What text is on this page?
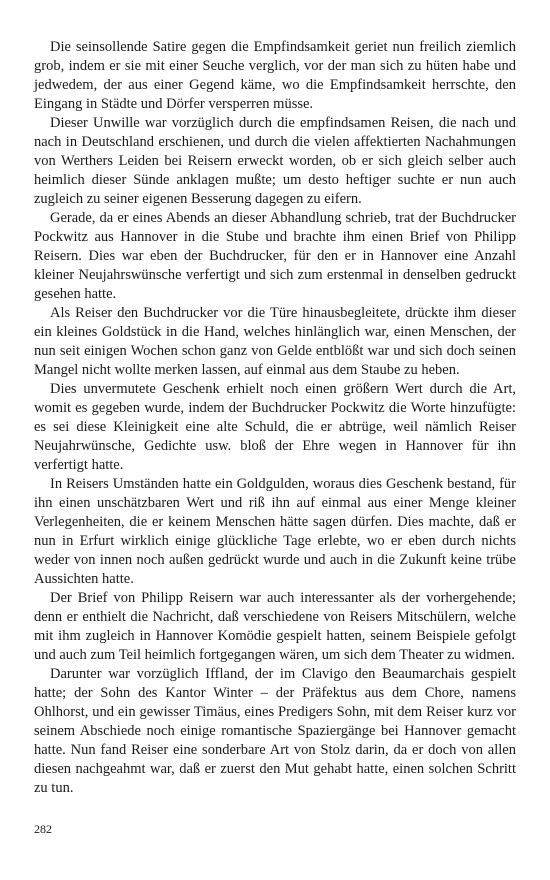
Die seinsollende Satire gegen die Empfindsamkeit geriet nun freilich ziemlich grob, indem er sie mit einer Seuche verglich, vor der man sich zu hüten habe und jedwedem, der aus einer Gegend käme, wo die Empfindsamkeit herrschte, den Eingang in Städte und Dörfer versperren müsse.

Dieser Unwille war vorzüglich durch die empfindsamen Reisen, die nach und nach in Deutschland erschienen, und durch die vielen affektierten Nachahmungen von Werthers Leiden bei Reisern erweckt worden, ob er sich gleich selber auch heimlich dieser Sünde anklagen mußte; um desto heftiger suchte er nun auch zugleich zu seiner eigenen Besserung dagegen zu eifern.

Gerade, da er eines Abends an dieser Abhandlung schrieb, trat der Buchdrucker Pockwitz aus Hannover in die Stube und brachte ihm einen Brief von Philipp Reisern. Dies war eben der Buchdrucker, für den er in Hannover eine Anzahl kleiner Neujahrswünsche verfertigt und sich zum erstenmal in denselben gedruckt gesehen hatte.

Als Reiser den Buchdrucker vor die Türe hinausbegleitete, drückte ihm dieser ein kleines Goldstück in die Hand, welches hinlänglich war, einen Menschen, der nun seit einigen Wochen schon ganz von Gelde entblößt war und sich doch seinen Mangel nicht wollte merken lassen, auf einmal aus dem Staube zu heben.

Dies unvermutete Geschenk erhielt noch einen größern Wert durch die Art, womit es gegeben wurde, indem der Buchdrucker Pockwitz die Worte hinzufügte: es sei diese Kleinigkeit eine alte Schuld, die er abtrüge, weil nämlich Reiser Neujahrwünsche, Gedichte usw. bloß der Ehre wegen in Hannover für ihn verfertigt hatte.

In Reisers Umständen hatte ein Goldgulden, woraus dies Geschenk bestand, für ihn einen unschätzbaren Wert und riß ihn auf einmal aus einer Menge kleiner Verlegenheiten, die er keinem Menschen hätte sagen dürfen. Dies machte, daß er nun in Erfurt wirklich einige glückliche Tage erlebte, wo er eben durch nichts weder von innen noch außen gedrückt wurde und auch in die Zukunft keine trübe Aussichten hatte.

Der Brief von Philipp Reisern war auch interessanter als der vorhergehende; denn er enthielt die Nachricht, daß verschiedene von Reisers Mitschülern, welche mit ihm zugleich in Hannover Komödie gespielt hatten, seinem Beispiele gefolgt und auch zum Teil heimlich fortgegangen wären, um sich dem Theater zu widmen.

Darunter war vorzüglich Iffland, der im Clavigo den Beaumarchais gespielt hatte; der Sohn des Kantor Winter – der Präfektus aus dem Chore, namens Ohlhorst, und ein gewisser Timäus, eines Predigers Sohn, mit dem Reiser kurz vor seinem Abschiede noch einige romantische Spaziergänge bei Hannover gemacht hatte. Nun fand Reiser eine sonderbare Art von Stolz darin, da er doch von allen diesen nachgeahmt war, daß er zuerst den Mut gehabt hatte, einen solchen Schritt zu tun.

282
